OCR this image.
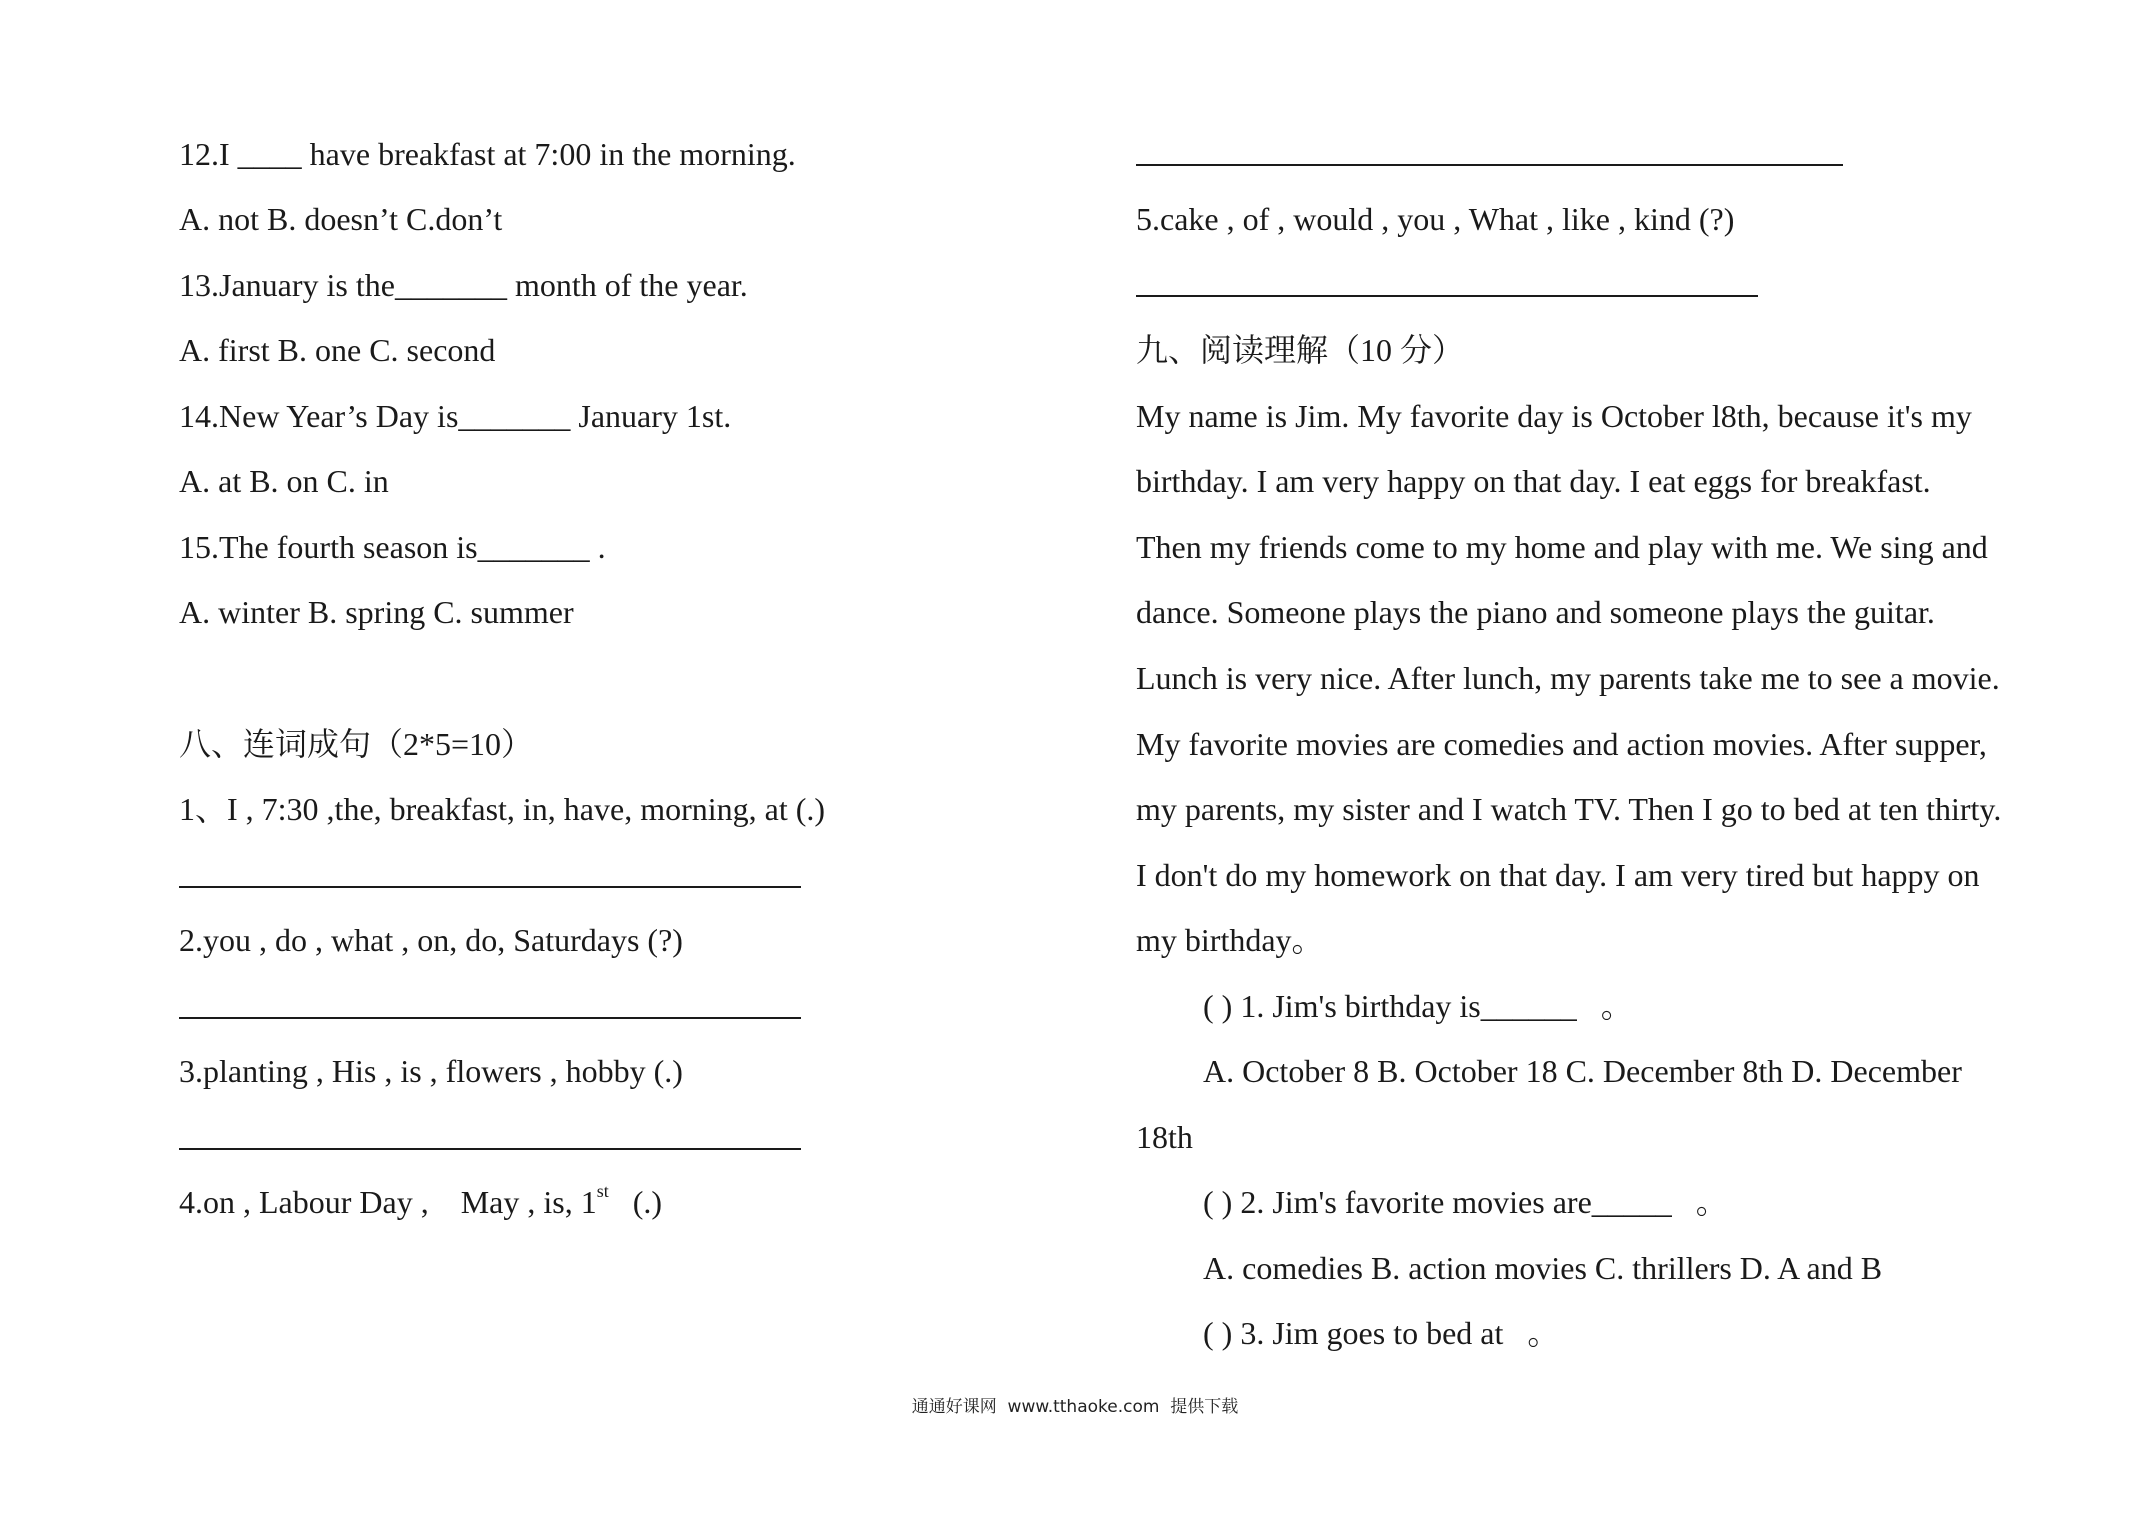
12.I ____ have breakfast at 7:00 in the morning.
A. not B. doesn’t C.don’t
13.January is the_______ month of the year.
A. first B. one C. second
14.New Year’s Day is_______ January 1st.
A. at B. on C. in
15.The fourth season is_______ .
A. winter B. spring C. summer
八、连词成句（2*5=10）
1、I , 7:30 ,the, breakfast, in, have, morning, at (.)
2.you , do , what , on, do, Saturdays (?)
3.planting , His , is , flowers , hobby (.)
4.on , Labour Day ,    May , is, 1st   (.)
5.cake , of , would , you , What , like , kind (?)
九、阅读理解（10 分）
My name is Jim. My favorite day is October l8th, because it's my
birthday. I am very happy on that day. I eat eggs for breakfast.
Then my friends come to my home and play with me. We sing and
dance. Someone plays the piano and someone plays the guitar.
Lunch is very nice. After lunch, my parents take me to see a movie.
My favorite movies are comedies and action movies. After supper,
my parents, my sister and I watch TV. Then I go to bed at ten thirty.
I don't do my homework on that day. I am very tired but happy on
my birthday。
( ) 1. Jim's birthday is______   。
A. October 8 B. October 18 C. December 8th D. December
18th
( ) 2. Jim's favorite movies are_____   。
A. comedies B. action movies C. thrillers D. A and B
( ) 3. Jim goes to bed at   。
通通好课网  www.tthaoke.com  提供下载
